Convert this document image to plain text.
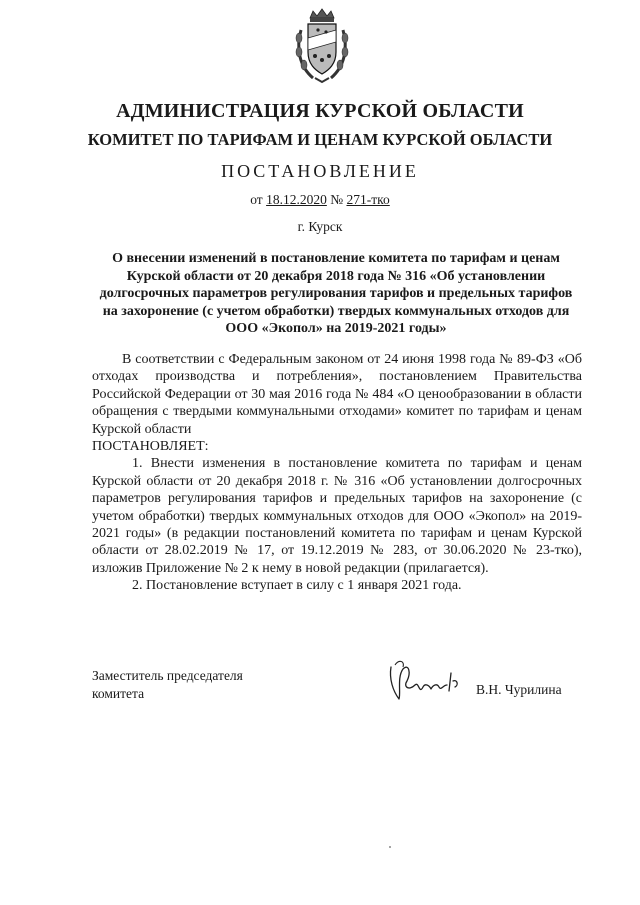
АДМИНИСТРАЦИЯ КУРСКОЙ ОБЛАСТИ
КОМИТЕТ ПО ТАРИФАМ И ЦЕНАМ КУРСКОЙ ОБЛАСТИ
ПОСТАНОВЛЕНИЕ
от 18.12.2020 № 271-тко
г. Курск
О внесении изменений в постановление комитета по тарифам и ценам Курской области от 20 декабря 2018 года № 316 «Об установлении долгосрочных параметров регулирования тарифов и предельных тарифов на захоронение (с учетом обработки) твердых коммунальных отходов для ООО «Экопол» на 2019-2021 годы»

В соответствии с Федеральным законом от 24 июня 1998 года № 89-ФЗ «Об отходах производства и потребления», постановлением Правительства Российской Федерации от 30 мая 2016 года № 484 «О ценообразовании в области обращения с твердыми коммунальными отходами» комитет по тарифам и ценам Курской области

ПОСТАНОВЛЯЕТ:

1. Внести изменения в постановление комитета по тарифам и ценам Курской области от 20 декабря 2018 г. № 316 «Об установлении долгосрочных параметров регулирования тарифов и предельных тарифов на захоронение (с учетом обработки) твердых коммунальных отходов для ООО «Экопол» на 2019-2021 годы» (в редакции постановлений комитета по тарифам и ценам Курской области от 28.02.2019 № 17, от 19.12.2019 № 283, от 30.06.2020 № 23-тко), изложив Приложение № 2 к нему в новой редакции (прилагается).

2. Постановление вступает в силу с 1 января 2021 года.

Заместитель председателя
комитета	В.Н. Чурилина
